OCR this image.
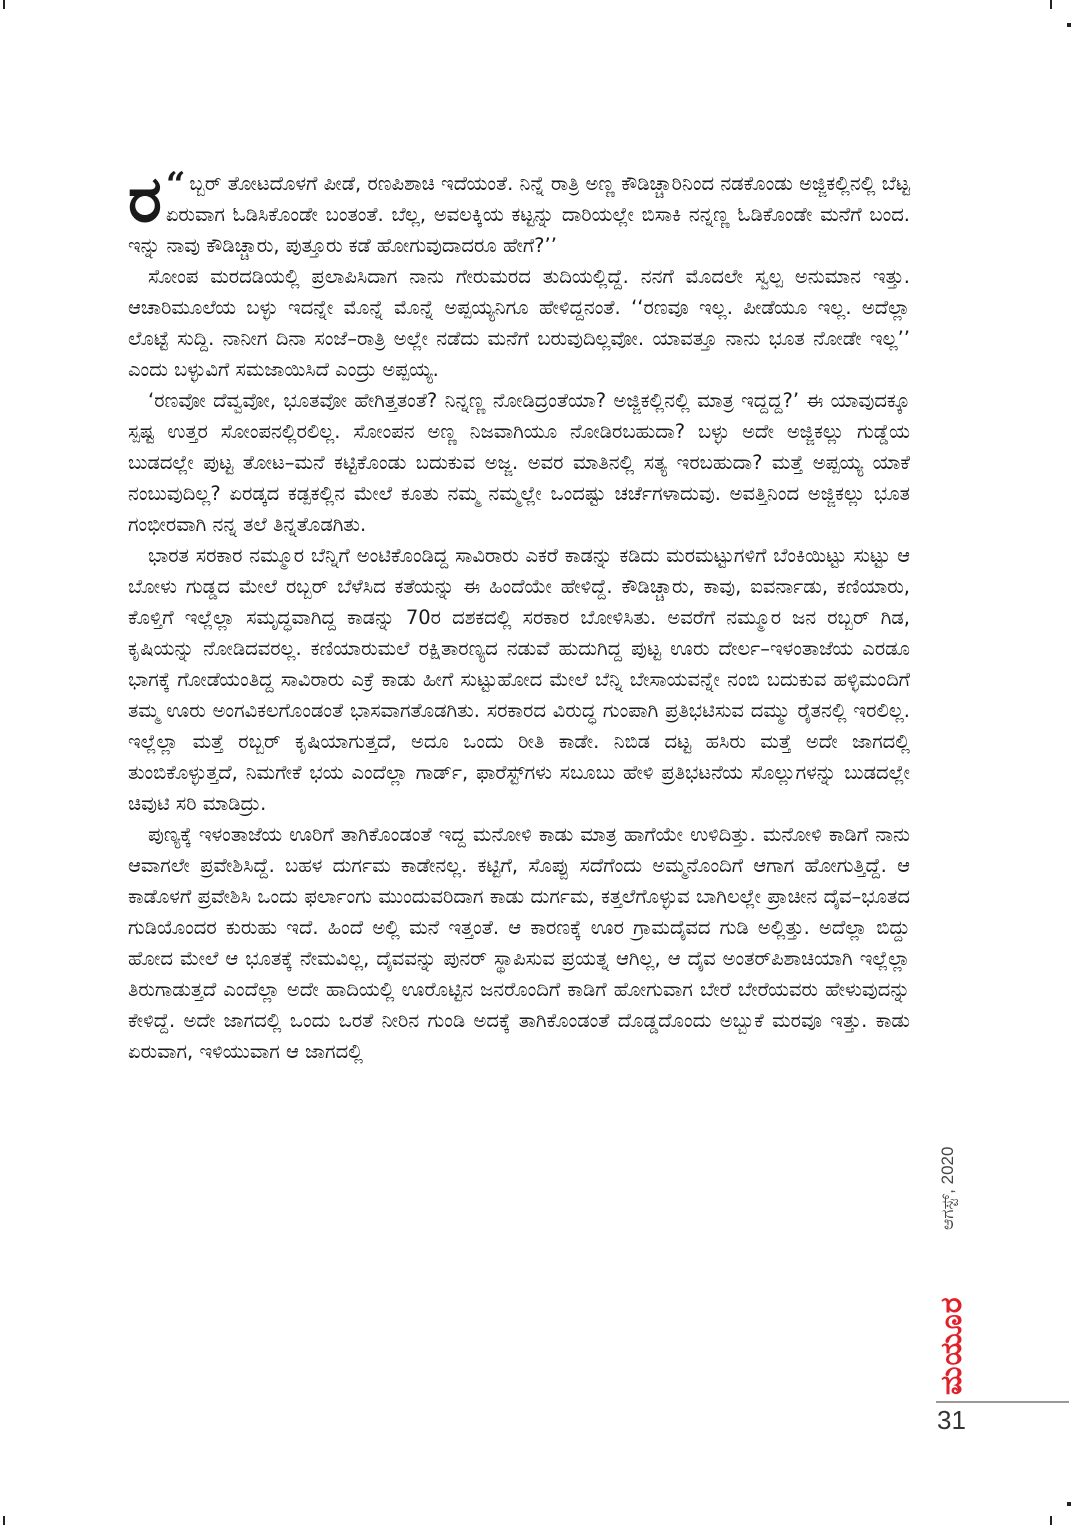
“
ರ ಬ್ಬರ್ ತೋಟದೊಳಗೆ ಪೀಡೆ, ರಣಪಿಶಾಚಿ ಇದೆಯಂತೆ. ನಿನ್ನೆ ರಾತ್ರಿ ಅಣ್ಣ ಕೌಡಿಚ್ಚಾರಿನಿಂದ ನಡಕೊಂಡು ಅಜ್ಜಿಕಲ್ಲಿನಲ್ಲಿ ಬೆಟ್ಟ ಏರುವಾಗ ಓಡಿಸಿಕೊಂಡೇ ಬಂತಂತೆ. ಬೆಲ್ಲ, ಅವಲಕ್ಕಿಯ ಕಟ್ಟನ್ನು ದಾರಿಯಲ್ಲೇ ಬಿಸಾಕಿ ನನ್ನಣ್ಣ ಓಡಿಕೊಂಡೇ ಮನೆಗೆ ಬಂದ. ಇನ್ನು ನಾವು ಕೌಡಿಚ್ಚಾರು, ಪುತ್ತೂರು ಕಡೆ ಹೋಗುವುದಾದರೂ ಹೇಗೆ?’’

ಸೋಂಪ ಮರದಡಿಯಲ್ಲಿ ಪ್ರಲಾಪಿಸಿದಾಗ ನಾನು ಗೇರುಮರದ ತುದಿಯಲ್ಲಿದ್ದೆ. ನನಗೆ ಮೊದಲೇ ಸ್ವಲ್ಪ ಅನುಮಾನ ಇತ್ತು. ಆಚಾರಿಮೂಲೆಯ ಬಳ್ಳು ಇದನ್ನೇ ಮೊನ್ನೆ ಮೊನ್ನೆ ಅಪ್ಪಯ್ಯನಿಗೂ ಹೇಳಿದ್ದನಂತೆ. ‘‘ರಣವೂ ಇಲ್ಲ. ಪೀಡೆಯೂ ಇಲ್ಲ. ಅದೆಲ್ಲಾ ಲೊಟ್ಟೆ ಸುದ್ದಿ. ನಾನೀಗ ದಿನಾ ಸಂಜೆ–ರಾತ್ರಿ ಅಲ್ಲೇ ನಡೆದು ಮನೆಗೆ ಬರುವುದಿಲ್ಲವೋ. ಯಾವತ್ತೂ ನಾನು ಭೂತ ನೋಡೇ ಇಲ್ಲ’’ ಎಂದು ಬಳ್ಳುವಿಗೆ ಸಮಜಾಯಿಸಿದೆ ಎಂದ್ರು ಅಪ್ಪಯ್ಯ.

‘ರಣವೋ ದೆವ್ವವೋ, ಭೂತವೋ ಹೇಗಿತ್ತತಂತೆ? ನಿನ್ನಣ್ಣ ನೋಡಿದ್ರಂತೆಯಾ? ಅಜ್ಜಿಕಲ್ಲಿನಲ್ಲಿ ಮಾತ್ರ ಇದ್ದದ್ದ?’ ಈ ಯಾವುದಕ್ಕೂ ಸ್ಪಷ್ಟ ಉತ್ತರ ಸೋಂಪನಲ್ಲಿರಲಿಲ್ಲ. ಸೋಂಪನ ಅಣ್ಣ ನಿಜವಾಗಿಯೂ ನೋಡಿರಬಹುದಾ? ಬಳ್ಳು ಅದೇ ಅಜ್ಜಿಕಲ್ಲು ಗುಡ್ಡೆಯ ಬುಡದಲ್ಲೇ ಪುಟ್ಟ ತೋಟ–ಮನೆ ಕಟ್ಟಿಕೊಂಡು ಬದುಕುವ ಅಜ್ಜ. ಅವರ ಮಾತಿನಲ್ಲಿ ಸತ್ಯ ಇರಬಹುದಾ? ಮತ್ತೆ ಅಪ್ಪಯ್ಯ ಯಾಕೆ ನಂಬುವುದಿಲ್ಲ? ಏರಡ್ಕದ ಕಡ್ಪಕಲ್ಲಿನ ಮೇಲೆ ಕೂತು ನಮ್ಮ ನಮ್ಮಲ್ಲೇ ಒಂದಷ್ಟು ಚರ್ಚೆಗಳಾದುವು. ಅವತ್ತಿನಿಂದ ಅಜ್ಜಿಕಲ್ಲು ಭೂತ ಗಂಭೀರವಾಗಿ ನನ್ನ ತಲೆ ತಿನ್ನತೊಡಗಿತು.

ಭಾರತ ಸರಕಾರ ನಮ್ಮೂರ ಬೆನ್ನಿಗೆ ಅಂಟಿಕೊಂಡಿದ್ದ ಸಾವಿರಾರು ಎಕರೆ ಕಾಡನ್ನು ಕಡಿದು ಮರಮಟ್ಟುಗಳಿಗೆ ಬೆಂಕಿಯಿಟ್ಟು ಸುಟ್ಟು ಆ ಬೋಳು ಗುಡ್ಡದ ಮೇಲೆ ರಬ್ಬರ್ ಬೆಳೆಸಿದ ಕತೆಯನ್ನು ಈ ಹಿಂದೆಯೇ ಹೇಳಿದ್ದೆ. ಕೌಡಿಚ್ಚಾರು, ಕಾವು, ಐವರ್ನಾಡು, ಕಣಿಯಾರು, ಕೊಳ್ತಿಗೆ ಇಲ್ಲೆಲ್ಲಾ ಸಮೃದ್ಧವಾಗಿದ್ದ ಕಾಡನ್ನು 70ರ ದಶಕದಲ್ಲಿ ಸರಕಾರ ಬೋಳಿಸಿತು. ಅವರೆಗೆ ನಮ್ಮೂರ ಜನ ರಬ್ಬರ್ ಗಿಡ, ಕೃಷಿಯನ್ನು ನೋಡಿದವರಲ್ಲ. ಕಣಿಯಾರುಮಲೆ ರಕ್ಷಿತಾರಣ್ಯದ ನಡುವೆ ಹುದುಗಿದ್ದ ಪುಟ್ಟ ಊರು ದೇರ್ಲ–ಇಳಂತಾಜೆಯ ಎರಡೂ ಭಾಗಕ್ಕೆ ಗೋಡೆಯಂತಿದ್ದ ಸಾವಿರಾರು ಎಕ್ರೆ ಕಾಡು ಹೀಗೆ ಸುಟ್ಟುಹೋದ ಮೇಲೆ ಬೆನ್ನಿ ಬೇಸಾಯವನ್ನೇ ನಂಬಿ ಬದುಕುವ ಹಳ್ಳಿಮಂದಿಗೆ ತಮ್ಮ ಊರು ಅಂಗವಿಕಲಗೊಂಡಂತೆ ಭಾಸವಾಗತೊಡಗಿತು. ಸರಕಾರದ ವಿರುದ್ಧ ಗುಂಪಾಗಿ ಪ್ರತಿಭಟಿಸುವ ದಮ್ಮು ರೈತನಲ್ಲಿ ಇರಲಿಲ್ಲ. ಇಲ್ಲೆಲ್ಲಾ ಮತ್ತೆ ರಬ್ಬರ್ ಕೃಷಿಯಾಗುತ್ತದೆ, ಅದೂ ಒಂದು ರೀತಿ ಕಾಡೇ. ನಿಬಿಡ ದಟ್ಟ ಹಸಿರು ಮತ್ತೆ ಅದೇ ಜಾಗದಲ್ಲಿ ತುಂಬಿಕೊಳ್ಳುತ್ತದೆ, ನಿಮಗೇಕೆ ಭಯ ಎಂದೆಲ್ಲಾ ಗಾರ್ಡ್, ಫಾರೆಸ್ಟ್‌ಗಳು ಸಬೂಬು ಹೇಳಿ ಪ್ರತಿಭಟನೆಯ ಸೊಲ್ಲುಗಳನ್ನು ಬುಡದಲ್ಲೇ ಚಿವುಟಿ ಸರಿ ಮಾಡಿದ್ರು.

ಪುಣ್ಯಕ್ಕೆ ಇಳಂತಾಜೆಯ ಊರಿಗೆ ತಾಗಿಕೊಂಡಂತೆ ಇದ್ದ ಮನೋಳಿ ಕಾಡು ಮಾತ್ರ ಹಾಗೆಯೇ ಉಳಿದಿತ್ತು. ಮನೋಳಿ ಕಾಡಿಗೆ ನಾನು ಆವಾಗಲೇ ಪ್ರವೇಶಿಸಿದ್ದೆ. ಬಹಳ ದುರ್ಗಮ ಕಾಡೇನಲ್ಲ. ಕಟ್ಟಿಗೆ, ಸೊಪ್ಪು ಸದೆಗೆಂದು ಅಮ್ಮನೊಂದಿಗೆ ಆಗಾಗ ಹೋಗುತ್ತಿದ್ದೆ. ಆ ಕಾಡೊಳಗೆ ಪ್ರವೇಶಿಸಿ ಒಂದು ಫರ್ಲಾಂಗು ಮುಂದುವರಿದಾಗ ಕಾಡು ದುರ್ಗಮ, ಕತ್ತಲೆಗೊಳ್ಳುವ ಬಾಗಿಲಲ್ಲೇ ಪ್ರಾಚೀನ ದೈವ–ಭೂತದ ಗುಡಿಯೊಂದರ ಕುರುಹು ಇದೆ. ಹಿಂದೆ ಅಲ್ಲಿ ಮನೆ ಇತ್ತಂತೆ. ಆ ಕಾರಣಕ್ಕೆ ಊರ ಗ್ರಾಮದೈವದ ಗುಡಿ ಅಲ್ಲಿತ್ತು. ಅದೆಲ್ಲಾ ಬಿದ್ದು ಹೋದ ಮೇಲೆ ಆ ಭೂತಕ್ಕೆ ನೇಮವಿಲ್ಲ, ದೈವವನ್ನು ಪುನರ್ ಸ್ಥಾಪಿಸುವ ಪ್ರಯತ್ನ ಆಗಿಲ್ಲ, ಆ ದೈವ ಅಂತರ್‌ಪಿಶಾಚಿಯಾಗಿ ಇಲ್ಲೆಲ್ಲಾ ತಿರುಗಾಡುತ್ತದೆ ಎಂದೆಲ್ಲಾ ಅದೇ ಹಾದಿಯಲ್ಲಿ ಊರೊಟ್ಟಿನ ಜನರೊಂದಿಗೆ ಕಾಡಿಗೆ ಹೋಗುವಾಗ ಬೇರೆ ಬೇರೆಯವರು ಹೇಳುವುದನ್ನು ಕೇಳಿದ್ದೆ. ಅದೇ ಜಾಗದಲ್ಲಿ ಒಂದು ಒರತೆ ನೀರಿನ ಗುಂಡಿ ಅದಕ್ಕೆ ತಾಗಿಕೊಂಡಂತೆ ದೊಡ್ಡದೊಂದು ಅಬ್ಬುಕೆ ಮರವೂ ಇತ್ತು. ಕಾಡು ಏರುವಾಗ, ಇಳಿಯುವಾಗ ಆ ಜಾಗದಲ್ಲಿ

ಆಗಸ್ಟ್, 2020
ಮಯೂರ
31
